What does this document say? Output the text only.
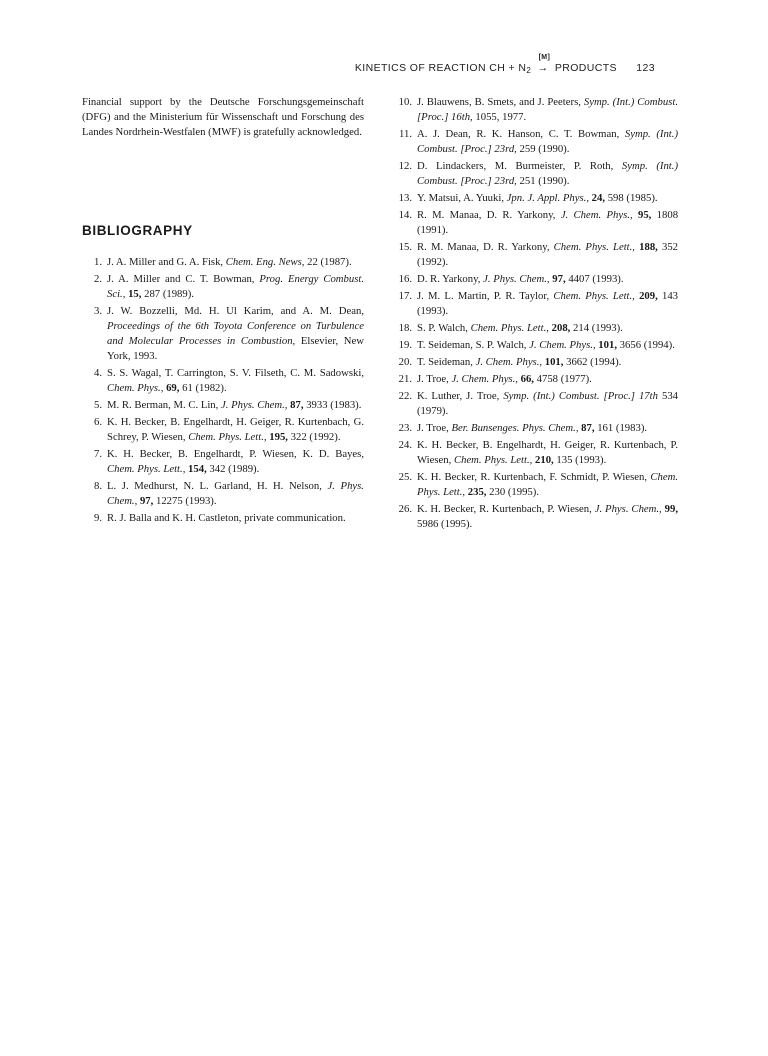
KINETICS OF REACTION CH + $N_2$
[M]
→ PRODUCTS 123

Financial support by the Deutsche Forschungsgemeinschaft (DFG) and the Ministerium für Wissenschaft und Forschung des Landes Nordrhein-Westfalen (MWF) is gratefully acknowledged.

BIBLIOGRAPHY
1. J. A. Miller and G. A. Fisk, Chem. Eng. News, 22 (1987).
2. J. A. Miller and C. T. Bowman, Prog. Energy Combust. Sci., 15, 287 (1989).
3. J. W. Bozzelli, Md. H. Ul Karim, and A. M. Dean, Proceedings of the 6th Toyota Conference on Turbulence and Molecular Processes in Combustion, Elsevier, New York, 1993.
4. S. S. Wagal, T. Carrington, S. V. Filseth, C. M. Sadowski, Chem. Phys., 69, 61 (1982).
5. M. R. Berman, M. C. Lin, J. Phys. Chem., 87, 3933 (1983).
6. K. H. Becker, B. Engelhardt, H. Geiger, R. Kurtenbach, G. Schrey, P. Wiesen, Chem. Phys. Lett., 195, 322 (1992).
7. K. H. Becker, B. Engelhardt, P. Wiesen, K. D. Bayes, Chem. Phys. Lett., 154, 342 (1989).
8. L. J. Medhurst, N. L. Garland, H. H. Nelson, J. Phys. Chem., 97, 12275 (1993).
9. R. J. Balla and K. H. Castleton, private communication.
10. J. Blauwens, B. Smets, and J. Peeters, Symp. (Int.) Combust. [Proc.] 16th, 1055, 1977.
11. A. J. Dean, R. K. Hanson, C. T. Bowman, Symp. (Int.) Combust. [Proc.] 23rd, 259 (1990).
12. D. Lindackers, M. Burmeister, P. Roth, Symp. (Int.) Combust. [Proc.] 23rd, 251 (1990).
13. Y. Matsui, A. Yuuki, Jpn. J. Appl. Phys., 24, 598 (1985).
14. R. M. Manaa, D. R. Yarkony, J. Chem. Phys., 95, 1808 (1991).
15. R. M. Manaa, D. R. Yarkony, Chem. Phys. Lett., 188, 352 (1992).
16. D. R. Yarkony, J. Phys. Chem., 97, 4407 (1993).
17. J. M. L. Martin, P. R. Taylor, Chem. Phys. Lett., 209, 143 (1993).
18. S. P. Walch, Chem. Phys. Lett., 208, 214 (1993).
19. T. Seideman, S. P. Walch, J. Chem. Phys., 101, 3656 (1994).
20. T. Seideman, J. Chem. Phys., 101, 3662 (1994).
21. J. Troe, J. Chem. Phys., 66, 4758 (1977).
22. K. Luther, J. Troe, Symp. (Int.) Combust. [Proc.] 17th 534 (1979).
23. J. Troe, Ber. Bunsenges. Phys. Chem., 87, 161 (1983).
24. K. H. Becker, B. Engelhardt, H. Geiger, R. Kurtenbach, P. Wiesen, Chem. Phys. Lett., 210, 135 (1993).
25. K. H. Becker, R. Kurtenbach, F. Schmidt, P. Wiesen, Chem. Phys. Lett., 235, 230 (1995).
26. K. H. Becker, R. Kurtenbach, P. Wiesen, J. Phys. Chem., 99, 5986 (1995).
